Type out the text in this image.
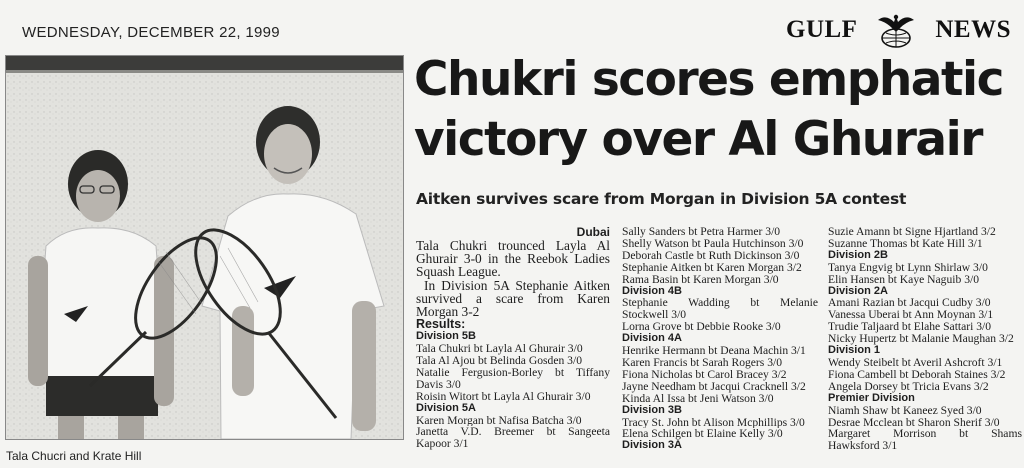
WEDNESDAY, DECEMBER 22, 1999	GULF	NEWS
Tala Chucri and Krate Hill
Chukri scores emphatic
victory over Al Ghurair
Aitken survives scare from Morgan in Division 5A contest
Dubai

Tala Chukri trounced Layla Al Ghurair 3-0 in the Reebok Ladies Squash League.

In Division 5A Stephanie Aitken survived a scare from Karen Morgan 3-2

Results:
Division 5B
Tala Chukri bt Layla Al Ghurair 3/0
Tala Al Ajou bt Belinda Gosden 3/0
Natalie Fergusion-Borley bt Tiffany
Davis 3/0
Roisin Witort bt Layla Al Ghurair 3/0
Division 5A
Karen Morgan bt Nafisa Batcha 3/0
Janetta V.D. Breemer bt Sangeeta
Kapoor 3/1
Sally Sanders bt Petra Harmer 3/0
Shelly Watson bt Paula Hutchinson 3/0
Deborah Castle bt Ruth Dickinson 3/0
Stephanie Aitken bt Karen Morgan 3/2
Rama Basin bt Karen Morgan 3/0
Division 4B
Stephanie Wadding bt Melanie
Stockwell 3/0
Lorna Grove bt Debbie Rooke 3/0
Division 4A
Henrike Hermann bt Deana Machin 3/1
Karen Francis bt Sarah Rogers 3/0
Fiona Nicholas bt Carol Bracey 3/2
Jayne Needham bt Jacqui Cracknell 3/2
Kinda Al Issa bt Jeni Watson 3/0
Division 3B
Tracy St. John bt Alison Mcphillips 3/0
Elena Schilgen bt Elaine Kelly 3/0
Division 3A
Suzie Amann bt Signe Hjartland 3/2
Suzanne Thomas bt Kate Hill 3/1
Division 2B
Tanya Engvig bt Lynn Shirlaw 3/0
Elin Hansen bt Kaye Naguib 3/0
Division 2A
Amani Razian bt Jacqui Cudby 3/0
Vanessa Uberai bt Ann Moynan 3/1
Trudie Taljaard bt Elahe Sattari 3/0
Nicky Hupertz bt Malanie Maughan 3/2
Division 1
Wendy Steibelt bt Averil Ashcroft 3/1
Fiona Cambell bt Deborah Staines 3/2
Angela Dorsey bt Tricia Evans 3/2
Premier Division
Niamh Shaw bt Kaneez Syed 3/0
Desrae Mcclean bt Sharon Sherif 3/0
Margaret Morrison bt Shams
Hawksford 3/1
